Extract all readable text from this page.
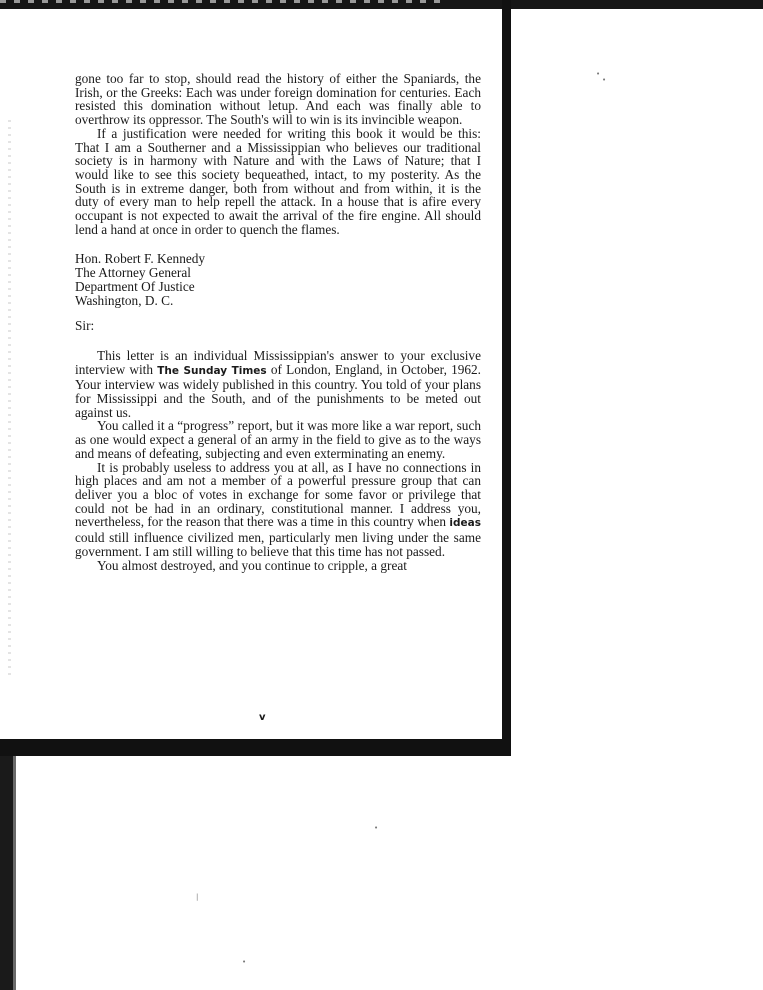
•
•
•
|
•

gone too far to stop, should read the history of either the Spaniards, the Irish, or the Greeks: Each was under foreign domination for centuries. Each resisted this domination without letup. And each was finally able to overthrow its oppressor. The South's will to win is its invincible weapon.

If a justification were needed for writing this book it would be this: That I am a Southerner and a Mississippian who believes our traditional society is in harmony with Nature and with the Laws of Nature; that I would like to see this society bequeathed, intact, to my posterity. As the South is in extreme danger, both from without and from within, it is the duty of every man to help repell the attack. In a house that is afire every occupant is not expected to await the arrival of the fire engine. All should lend a hand at once in order to quench the flames.

Hon. Robert F. Kennedy

The Attorney General

Department Of Justice

Washington, D. C.

Sir:

This letter is an individual Mississippian's answer to your exclusive interview with The Sunday Times of London, England, in October, 1962. Your interview was widely published in this country. You told of your plans for Mississippi and the South, and of the punishments to be meted out against us.

You called it a “progress” report, but it was more like a war report, such as one would expect a general of an army in the field to give as to the ways and means of defeating, subjecting and even exterminating an enemy.

It is probably useless to address you at all, as I have no connections in high places and am not a member of a powerful pressure group that can deliver you a bloc of votes in exchange for some favor or privilege that could not be had in an ordinary, constitutional manner. I address you, nevertheless, for the reason that there was a time in this country when ideas could still influence civilized men, particularly men living under the same government. I am still willing to believe that this time has not passed.

You almost destroyed, and you continue to cripple, a great

v
